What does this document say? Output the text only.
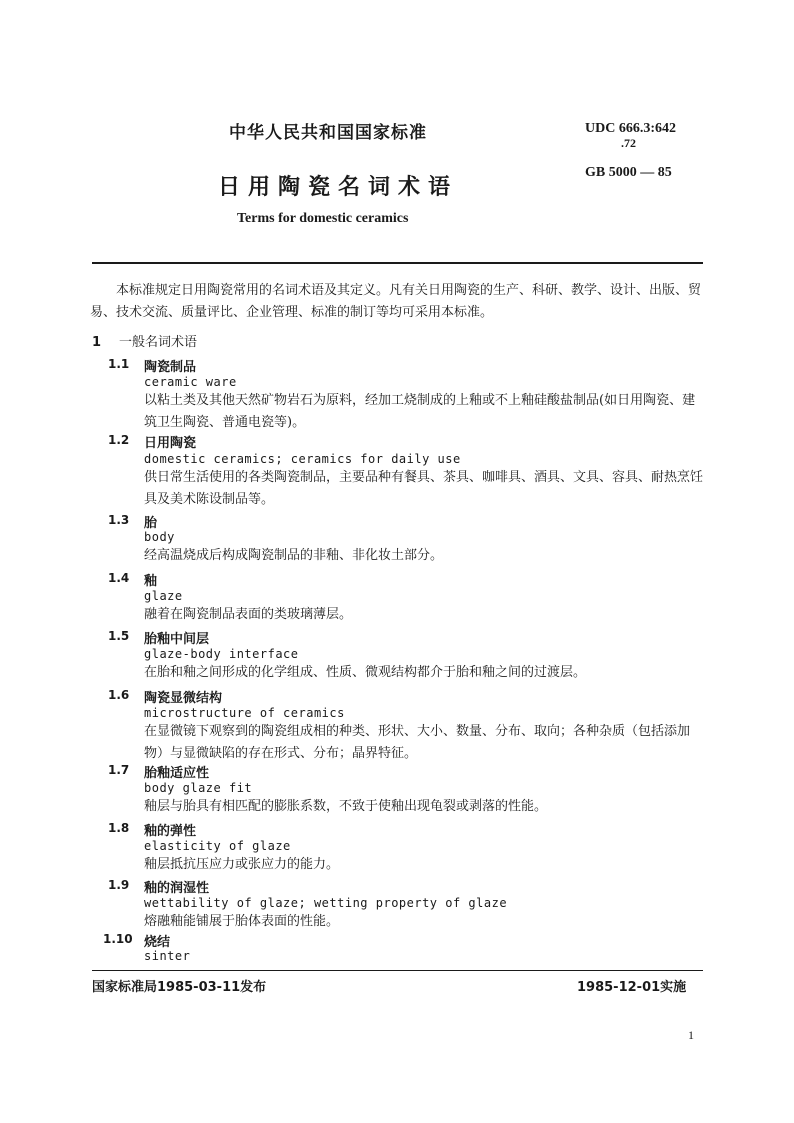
中华人民共和国国家标准	UDC 666.3:642
.72
GB 5000 — 85
日用陶瓷名词术语
Terms for domestic ceramics
本标准规定日用陶瓷常用的名词术语及其定义。凡有关日用陶瓷的生产、科研、教学、设计、出版、贸易、技术交流、质量评比、企业管理、标准的制订等均可采用本标准。
1 一般名词术语
1.1 陶瓷制品
ceramic ware
以粘土类及其他天然矿物岩石为原料，经加工烧制成的上釉或不上釉硅酸盐制品(如日用陶瓷、建筑卫生陶瓷、普通电瓷等)。
1.2 日用陶瓷
domestic ceramics; ceramics for daily use
供日常生活使用的各类陶瓷制品，主要品种有餐具、茶具、咖啡具、酒具、文具、容具、耐热烹饪具及美术陈设制品等。
1.3 胎
body
经高温烧成后构成陶瓷制品的非釉、非化妆土部分。
1.4 釉
glaze
融着在陶瓷制品表面的类玻璃薄层。
1.5 胎釉中间层
glaze-body interface
在胎和釉之间形成的化学组成、性质、微观结构都介于胎和釉之间的过渡层。
1.6 陶瓷显微结构
microstructure of ceramics
在显微镜下观察到的陶瓷组成相的种类、形状、大小、数量、分布、取向；各种杂质（包括添加物）与显微缺陷的存在形式、分布；晶界特征。
1.7 胎釉适应性
body glaze fit
釉层与胎具有相匹配的膨胀系数，不致于使釉出现龟裂或剥落的性能。
1.8 釉的弹性
elasticity of glaze
釉层抵抗压应力或张应力的能力。
1.9 釉的润湿性
wettability of glaze; wetting property of glaze
熔融釉能铺展于胎体表面的性能。
1.10 烧结
sinter
国家标准局1985-03-11发布	1985-12-01实施
1
